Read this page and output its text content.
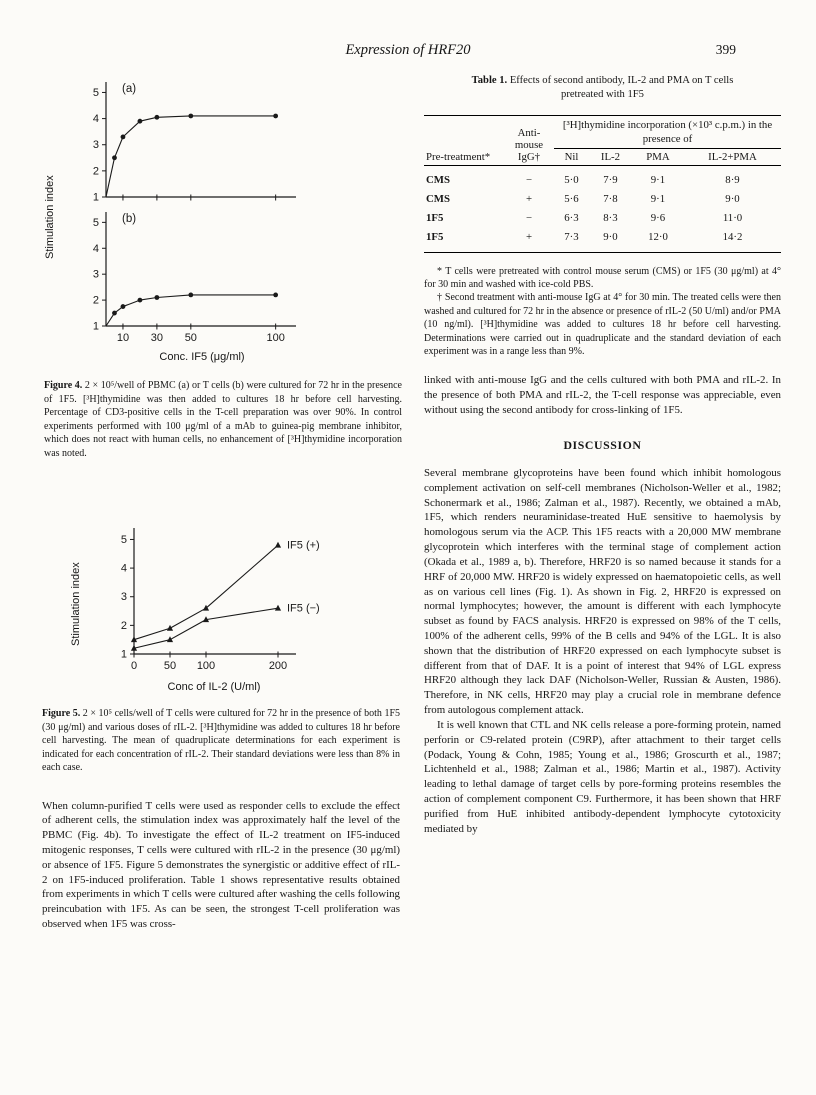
Expression of HRF20	399
Stimulation index	1
2
3
4
5 (a)
1
2
3
4
5
10 30 50	100
(b)
Conc. IF5 (μg/ml)

Figure 4. 2 × 10⁵/well of PBMC (a) or T cells (b) were cultured for 72 hr in the presence of 1F5. [³H]thymidine was then added to cultures 18 hr before cell harvesting. Percentage of CD3-positive cells in the T-cell preparation was over 90%. In control experiments performed with 100 μg/ml of a mAb to guinea-pig membrane inhibitor, which does not react with human cells, no enhancement of [³H]thymidine incorporation was noted.

Stimulation index
1
2
3
4
5
0 50 100	200
IF5 (+)
IF5 (−)
Conc of IL-2 (U/ml)

Figure 5. 2 × 10⁵ cells/well of T cells were cultured for 72 hr in the presence of both 1F5 (30 μg/ml) and various doses of rIL-2. [³H]thymidine was added to cultures 18 hr before cell harvesting. The mean of quadruplicate determinations for each experiment is indicated for each concentration of rIL-2. Their standard deviations were less than 8% in each case.

When column-purified T cells were used as responder cells to exclude the effect of adherent cells, the stimulation index was approximately half the level of the PBMC (Fig. 4b). To investigate the effect of IL-2 treatment on IF5-induced mitogenic responses, T cells were cultured with rIL-2 in the presence (30 μg/ml) or absence of 1F5. Figure 5 demonstrates the synergistic or additive effect of rIL-2 on 1F5-induced proliferation. Table 1 shows representative results obtained from experiments in which T cells were cultured after washing the cells following preincubation with 1F5. As can be seen, the strongest T-cell proliferation was observed when 1F5 was cross-

Table 1. Effects of second antibody, IL-2 and PMA on T cells pretreated with 1F5

Pre-treatment*	Anti-mouse IgG†	[³H]thymidine incorporation (×10³ c.p.m.) in the presence of			
		Nil	IL-2	PMA	IL-2+PMA
CMS	−	5·0	7·9	9·1	8·9
CMS	+	5·6	7·8	9·1	9·0
1F5	−	6·3	8·3	9·6	11·0
1F5	+	7·3	9·0	12·0	14·2

* T cells were pretreated with control mouse serum (CMS) or 1F5 (30 μg/ml) at 4° for 30 min and washed with ice-cold PBS.

† Second treatment with anti-mouse IgG at 4° for 30 min. The treated cells were then washed and cultured for 72 hr in the absence or presence of rIL-2 (50 U/ml) and/or PMA (10 ng/ml). [³H]thymidine was added to cultures 18 hr before cell harvesting. Determinations were carried out in quadruplicate and the standard deviation of each experiment was in a range less than 9%.

linked with anti-mouse IgG and the cells cultured with both PMA and rIL-2. In the presence of both PMA and rIL-2, the T-cell response was appreciable, even without using the second antibody for cross-linking of 1F5.

DISCUSSION

Several membrane glycoproteins have been found which inhibit homologous complement activation on self-cell membranes (Nicholson-Weller et al., 1982; Schonermark et al., 1986; Zalman et al., 1987). Recently, we obtained a mAb, 1F5, which renders neuraminidase-treated HuE sensitive to haemolysis by homologous serum via the ACP. This 1F5 reacts with a 20,000 MW membrane glycoprotein which interferes with the terminal stage of complement action (Okada et al., 1989 a, b). Therefore, HRF20 is so named because it stands for a HRF of 20,000 MW. HRF20 is widely expressed on haematopoietic cells, as well as on various cell lines (Fig. 1). As shown in Fig. 2, HRF20 is expressed on normal lymphocytes; however, the amount is different with each lymphocyte subset as found by FACS analysis. HRF20 is expressed on 98% of the T cells, 100% of the adherent cells, 99% of the B cells and 94% of the LGL. It is also shown that the distribution of HRF20 expressed on each lymphocyte subset is different from that of DAF. It is a point of interest that 94% of LGL express HRF20 although they lack DAF (Nicholson-Weller, Russian & Austen, 1986). Therefore, in NK cells, HRF20 may play a crucial role in membrane defence from autologous complement attack.

It is well known that CTL and NK cells release a pore-forming protein, named perforin or C9-related protein (C9RP), after attachment to their target cells (Podack, Young & Cohn, 1985; Young et al., 1986; Groscurth et al., 1987; Lichtenheld et al., 1988; Zalman et al., 1986; Martin et al., 1987). Activity leading to lethal damage of target cells by pore-forming proteins resembles the action of complement component C9. Furthermore, it has been shown that HRF purified from HuE inhibited antibody-dependent lymphocyte cytotoxicity mediated by
